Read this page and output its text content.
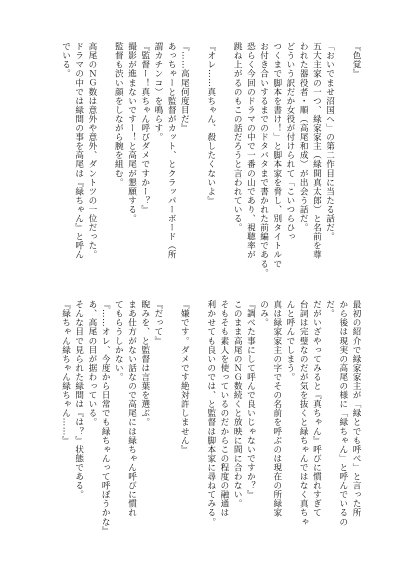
『色覚』

「おいでませ沼国へ」の第二作目に当たる話だ。
五大主家の一つ、緑家家主（緑間真太郎）と名前を尊
われた器役者・順（高尾和成）が出会う話だ。
どういう訳だか女役が付けられて「こいつらひっ
つくまで脚本を書け！」と脚本家を脅し、別タイトルで
お付き合いするまでのドタバタまで書かれた前編である。
恐らく今回のドラマの中で一番の山であり、視聴率が
跳ね上がるのもこの話だろうと言われている。

『オレ……真ちゃん、殺したくないよ』

『……高尾何度目だ』
あっちゃーと監督がカット、とクラッパーボード（所
謂カチンコ）を鳴らす。
『監督ー！真ちゃん呼びダメですかー？』
撮影が進まないですー！と高尾が懇願する。
監督も渋い顔をしながら腕を組む。

高尾のＮＧ数は意外や意外、ダントツの一位だった。
ドラマの中では緑間の事を高尾は『緑ちゃん』と呼ん
でいる。
最初の紹介で緑家家主が「緑とでも呼べ」と言った所
から後は現実の高尾の様に「緑ちゃん」と呼んでいるの
だ。
だがいざやってみると『真ちゃん』呼びに慣れすぎて
台詞は完璧なのだが気を抜くと緑ちゃんではなく真ちゃ
んと呼んでしまう。
真は緑家家主の字でその名前を呼ぶのは現在の所緑家
のみ。
『調べた事にして呼んで良いじゃないですか？』
このまま高尾のＮＧ数続くと放映に間に合わない。
そもそも素人を使っているのだからこの程度の融通は
利かせても良いのでは、と監督は脚本家に尋ねてみる。

『嫌です。ダメです絶対許しません』

『だって』
睨みを、と監督は言葉を選ぶ。
まあ仕方がない話なので高尾には緑ちゃん呼びに慣れ
てもらうしかない。
『……オレ、今度から日常でも緑ちゃんって呼ぼうかな』
あ、高尾の目が据わっている。
そんな目で見られた緑間は『は？』状態である。
『緑ちゃん緑ちゃん緑ちゃん……』
